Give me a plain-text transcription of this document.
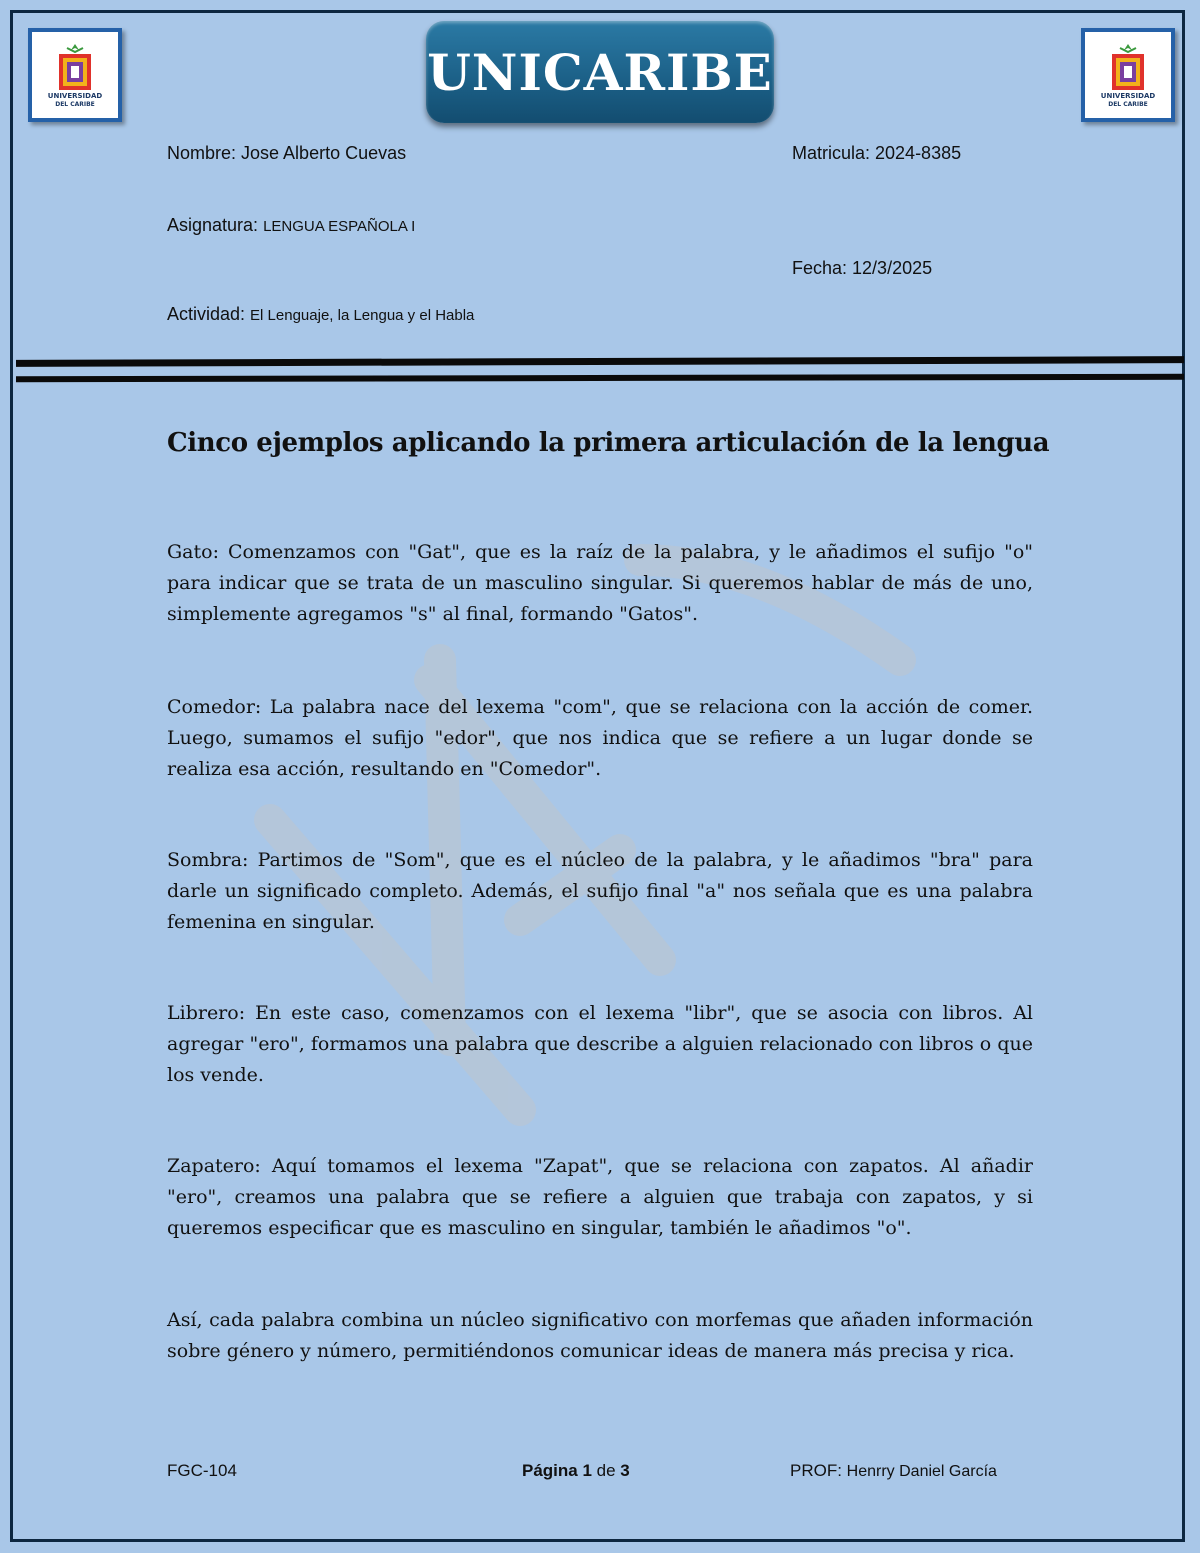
UNIVERSIDAD
DEL CARIBE
UNIVERSIDAD
DEL CARIBE
UNICARIBE
Nombre: Jose Alberto Cuevas	Matricula: 2024-8385
Asignatura: LENGUA ESPAÑOLA I
Fecha: 12/3/2025
Actividad: El Lenguaje, la Lengua y el Habla
Cinco ejemplos aplicando la primera articulación de la lengua

Gato: Comenzamos con "Gat", que es la raíz de la palabra, y le añadimos el sufijo "o" para indicar que se trata de un masculino singular. Si queremos hablar de más de uno, simplemente agregamos "s" al final, formando "Gatos".

Comedor: La palabra nace del lexema "com", que se relaciona con la acción de comer. Luego, sumamos el sufijo "edor", que nos indica que se refiere a un lugar donde se realiza esa acción, resultando en "Comedor".

Sombra: Partimos de "Som", que es el núcleo de la palabra, y le añadimos "bra" para darle un significado completo. Además, el sufijo final "a" nos señala que es una palabra femenina en singular.

Librero: En este caso, comenzamos con el lexema "libr", que se asocia con libros. Al agregar "ero", formamos una palabra que describe a alguien relacionado con libros o que los vende.

Zapatero: Aquí tomamos el lexema "Zapat", que se relaciona con zapatos. Al añadir "ero", creamos una palabra que se refiere a alguien que trabaja con zapatos, y si queremos especificar que es masculino en singular, también le añadimos "o".

Así, cada palabra combina un núcleo significativo con morfemas que añaden información sobre género y número, permitiéndonos comunicar ideas de manera más precisa y rica.

FGC-104	Página 1 de 3	PROF: Henrry Daniel García
